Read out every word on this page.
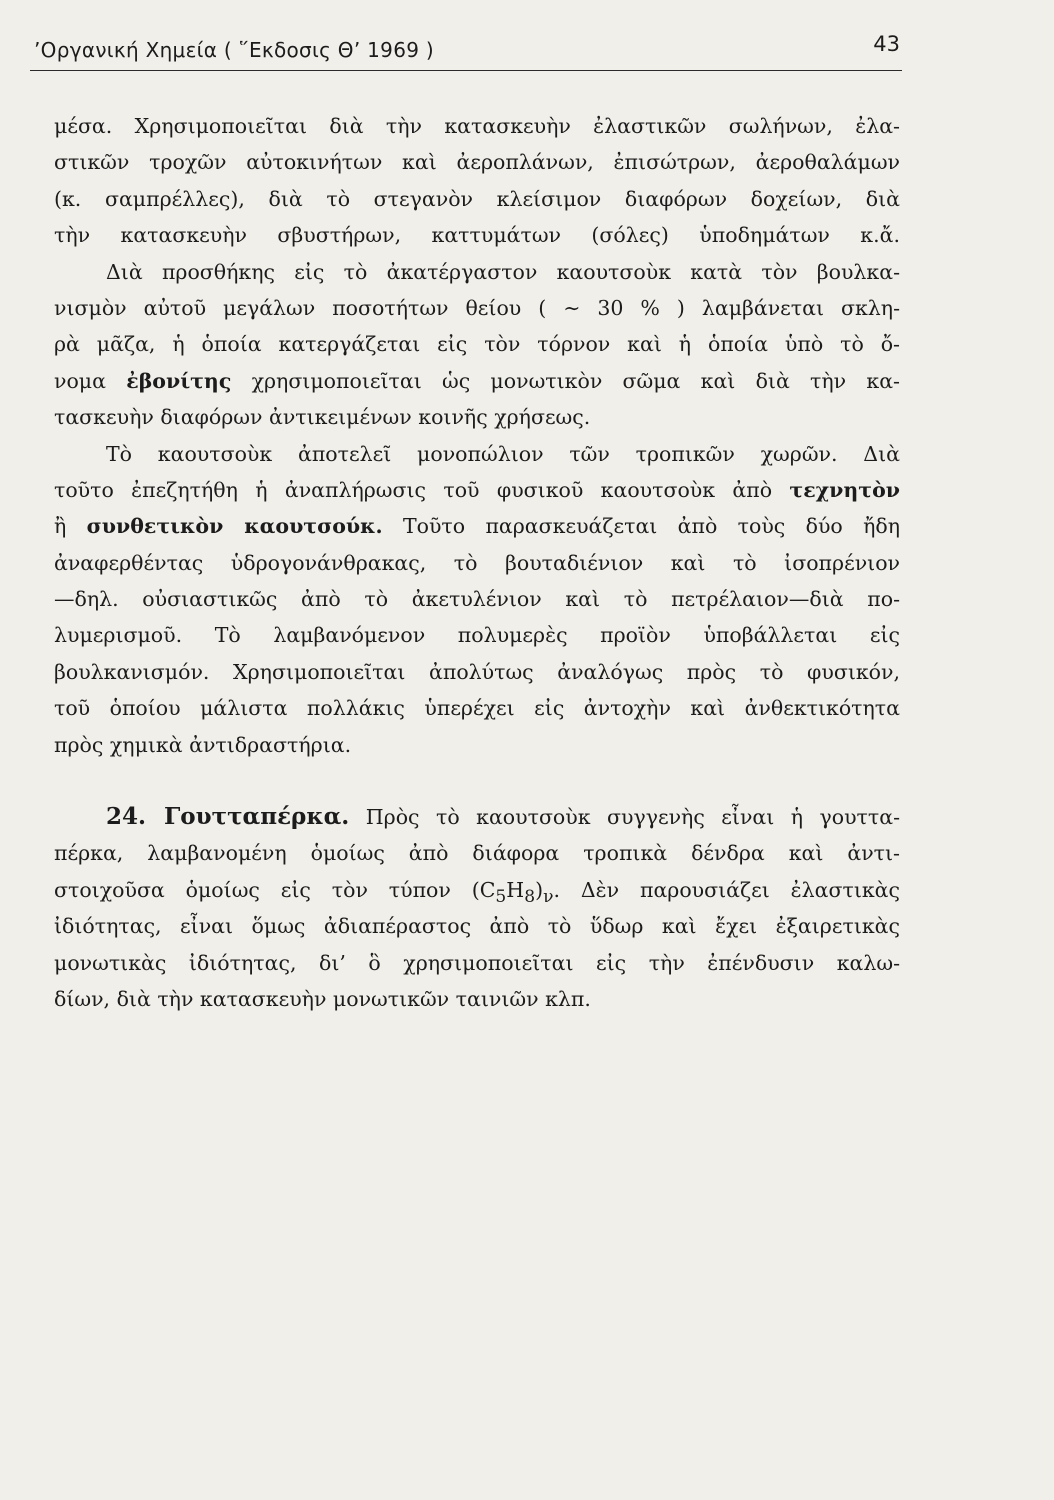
’Οργανική Χημεία ( ῞Εκδοσις Θ’ 1969 )	43
μέσα. Χρησιμοποιεῖται διὰ τὴν κατασκευὴν ἐλαστικῶν σωλήνων, ἐλα-
στικῶν τροχῶν αὐτοκινήτων καὶ ἀεροπλάνων, ἐπισώτρων, ἀεροθαλάμων
(κ. σαμπρέλλες), διὰ τὸ στεγανὸν κλείσιμον διαφόρων δοχείων, διὰ
τὴν κατασκευὴν σβυστήρων, καττυμάτων (σόλες) ὑποδημάτων κ.ἄ.
Διὰ προσθήκης εἰς τὸ ἀκατέργαστον καουτσοὺκ κατὰ τὸν βουλκα-
νισμὸν αὐτοῦ μεγάλων ποσοτήτων θείου ( ∼ 30 % ) λαμβάνεται σκλη-
ρὰ μᾶζα, ἡ ὁποία κατεργάζεται εἰς τὸν τόρνον καὶ ἡ ὁποία ὑπὸ τὸ ὄ-
νομα ἐβονίτης χρησιμοποιεῖται ὡς μονωτικὸν σῶμα καὶ διὰ τὴν κα-
τασκευὴν διαφόρων ἀντικειμένων κοινῆς χρήσεως.
Τὸ καουτσοὺκ ἀποτελεῖ μονοπώλιον τῶν τροπικῶν χωρῶν. Διὰ
τοῦτο ἐπεζητήθη ἡ ἀναπλήρωσις τοῦ φυσικοῦ καουτσοὺκ ἀπὸ τεχνητὸν
ἢ συνθετικὸν καουτσούκ. Τοῦτο παρασκευάζεται ἀπὸ τοὺς δύο ἤδη
ἀναφερθέντας ὑδρογονάνθρακας, τὸ βουταδιένιον καὶ τὸ ἰσοπρένιον
—δηλ. οὐσιαστικῶς ἀπὸ τὸ ἀκετυλένιον καὶ τὸ πετρέλαιον—διὰ πο-
λυμερισμοῦ. Τὸ λαμβανόμενον πολυμερὲς προϊὸν ὑποβάλλεται εἰς
βουλκανισμόν. Χρησιμοποιεῖται ἀπολύτως ἀναλόγως πρὸς τὸ φυσικόν,
τοῦ ὁποίου μάλιστα πολλάκις ὑπερέχει εἰς ἀντοχὴν καὶ ἀνθεκτικότητα
πρὸς χημικὰ ἀντιδραστήρια.
24. Γουτταπέρκα. Πρὸς τὸ καουτσοὺκ συγγενὴς εἶναι ἡ γουττα-
πέρκα, λαμβανομένη ὁμοίως ἀπὸ διάφορα τροπικὰ δένδρα καὶ ἀντι-
στοιχοῦσα ὁμοίως εἰς τὸν τύπον $(C_5H_8)_\nu$. Δὲν παρουσιάζει ἐλαστικὰς
ἰδιότητας, εἶναι ὅμως ἀδιαπέραστος ἀπὸ τὸ ὕδωρ καὶ ἔχει ἐξαιρετικὰς
μονωτικὰς ἰδιότητας, δι’ ὃ χρησιμοποιεῖται εἰς τὴν ἐπένδυσιν καλω-
δίων, διὰ τὴν κατασκευὴν μονωτικῶν ταινιῶν κλπ.
